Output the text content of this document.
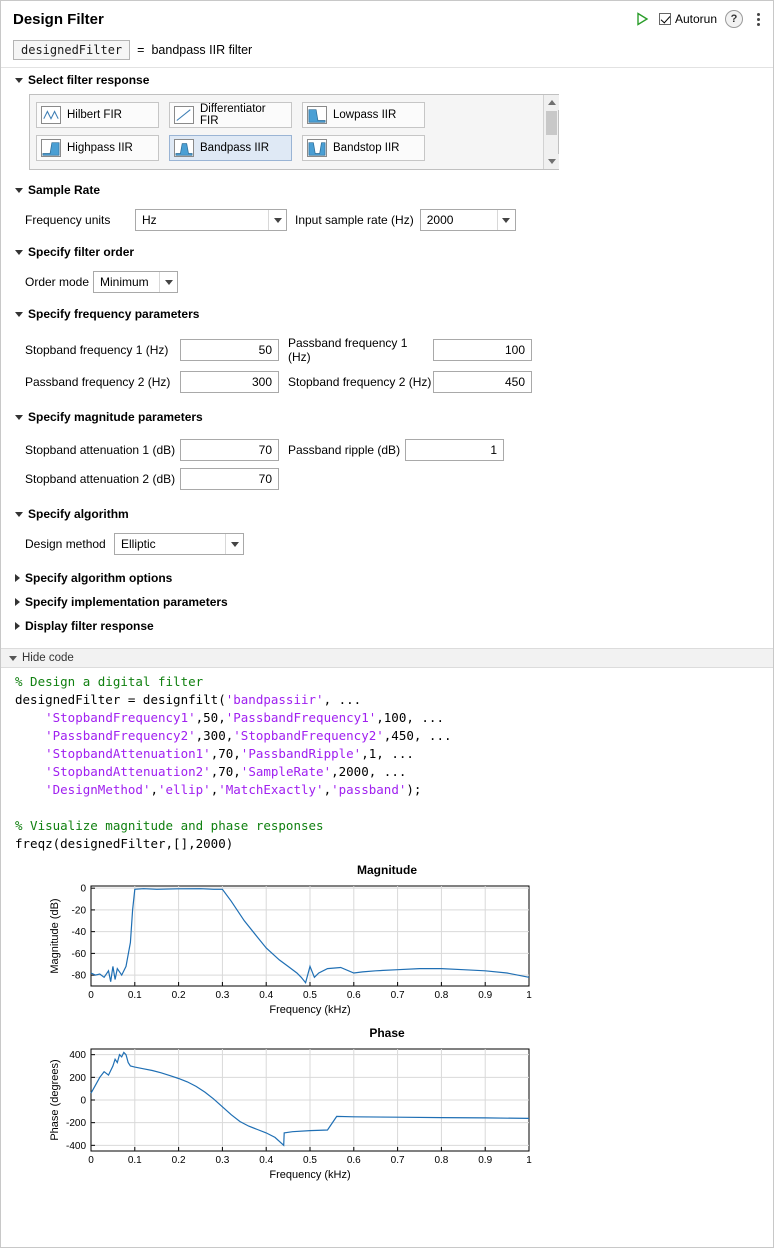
Design Filter	Autorun	?
designedFilter	= bandpass IIR filter
Select filter response
Hilbert FIR	Differentiator FIR	Lowpass IIR
Highpass IIR	Bandpass IIR	Bandstop IIR
Sample Rate
Frequency units	Hz	Input sample rate (Hz)	2000
Specify filter order
Order mode Minimum
Specify frequency parameters
Stopband frequency 1 (Hz)	50	Passband frequency 1 (Hz)	100
Passband frequency 2 (Hz)	300	Stopband frequency 2 (Hz)	450
Specify magnitude parameters
Stopband attenuation 1 (dB)	70	Passband ripple (dB)	1
Stopband attenuation 2 (dB)	70
Specify algorithm
Design method	Elliptic
Specify algorithm options
Specify implementation parameters
Display filter response
Hide code
% Design a digital filter
designedFilter = designfilt('bandpassiir', ...
'StopbandFrequency1',50,'PassbandFrequency1',100, ...
'PassbandFrequency2',300,'StopbandFrequency2',450, ...
'StopbandAttenuation1',70,'PassbandRipple',1, ...
'StopbandAttenuation2',70,'SampleRate',2000, ...
'DesignMethod','ellip','MatchExactly','passband');

% Visualize magnitude and phase responses
freqz(designedFilter,[],2000)

Magnitude
0	0.1	0.2	0.3	0.4	0.5	0.6	0.7	0.8	0.9	1
0
-20
-40
-60
-80
Frequency (kHz)
Magnitude (dB)
Phase
0	0.1	0.2	0.3	0.4	0.5	0.6	0.7	0.8	0.9	1
400
200
0
-200
-400
Frequency (kHz)
Phase (degrees)
